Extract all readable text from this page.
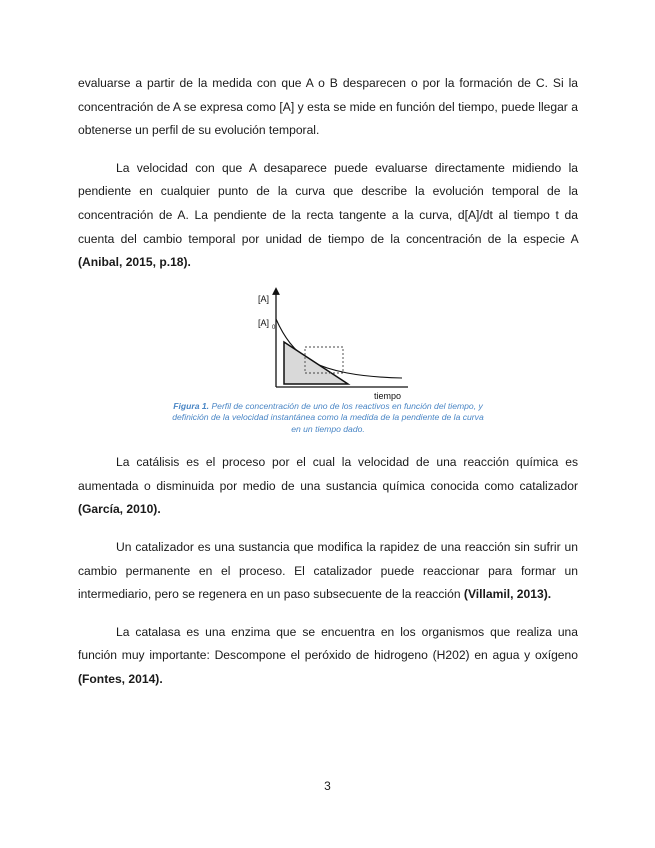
evaluarse a partir de la medida con que A o B desparecen o por la formación de C. Si la concentración de A se expresa como [A] y esta se mide en función del tiempo, puede llegar a obtenerse un perfil de su evolución temporal.

La velocidad con que A desaparece puede evaluarse directamente midiendo la pendiente en cualquier punto de la curva que describe la evolución temporal de la concentración de A. La pendiente de la recta tangente a la curva, d[A]/dt al tiempo t da cuenta del cambio temporal por unidad de tiempo de la concentración de la especie A (Anibal, 2015, p.18).

[A]
[A] 0
tiempo

Figura 1. Perfil de concentración de uno de los reactivos en función del tiempo, y definición de la velocidad instantánea como la medida de la pendiente de la curva en un tiempo dado.

La catálisis es el proceso por el cual la velocidad de una reacción química es aumentada o disminuida por medio de una sustancia química conocida como catalizador (García, 2010).

Un catalizador es una sustancia que modifica la rapidez de una reacción sin sufrir un cambio permanente en el proceso. El catalizador puede reaccionar para formar un intermediario, pero se regenera en un paso subsecuente de la reacción (Villamil, 2013).

La catalasa es una enzima que se encuentra en los organismos que realiza una función muy importante: Descompone el peróxido de hidrogeno (H202) en agua y oxígeno (Fontes, 2014).

3
